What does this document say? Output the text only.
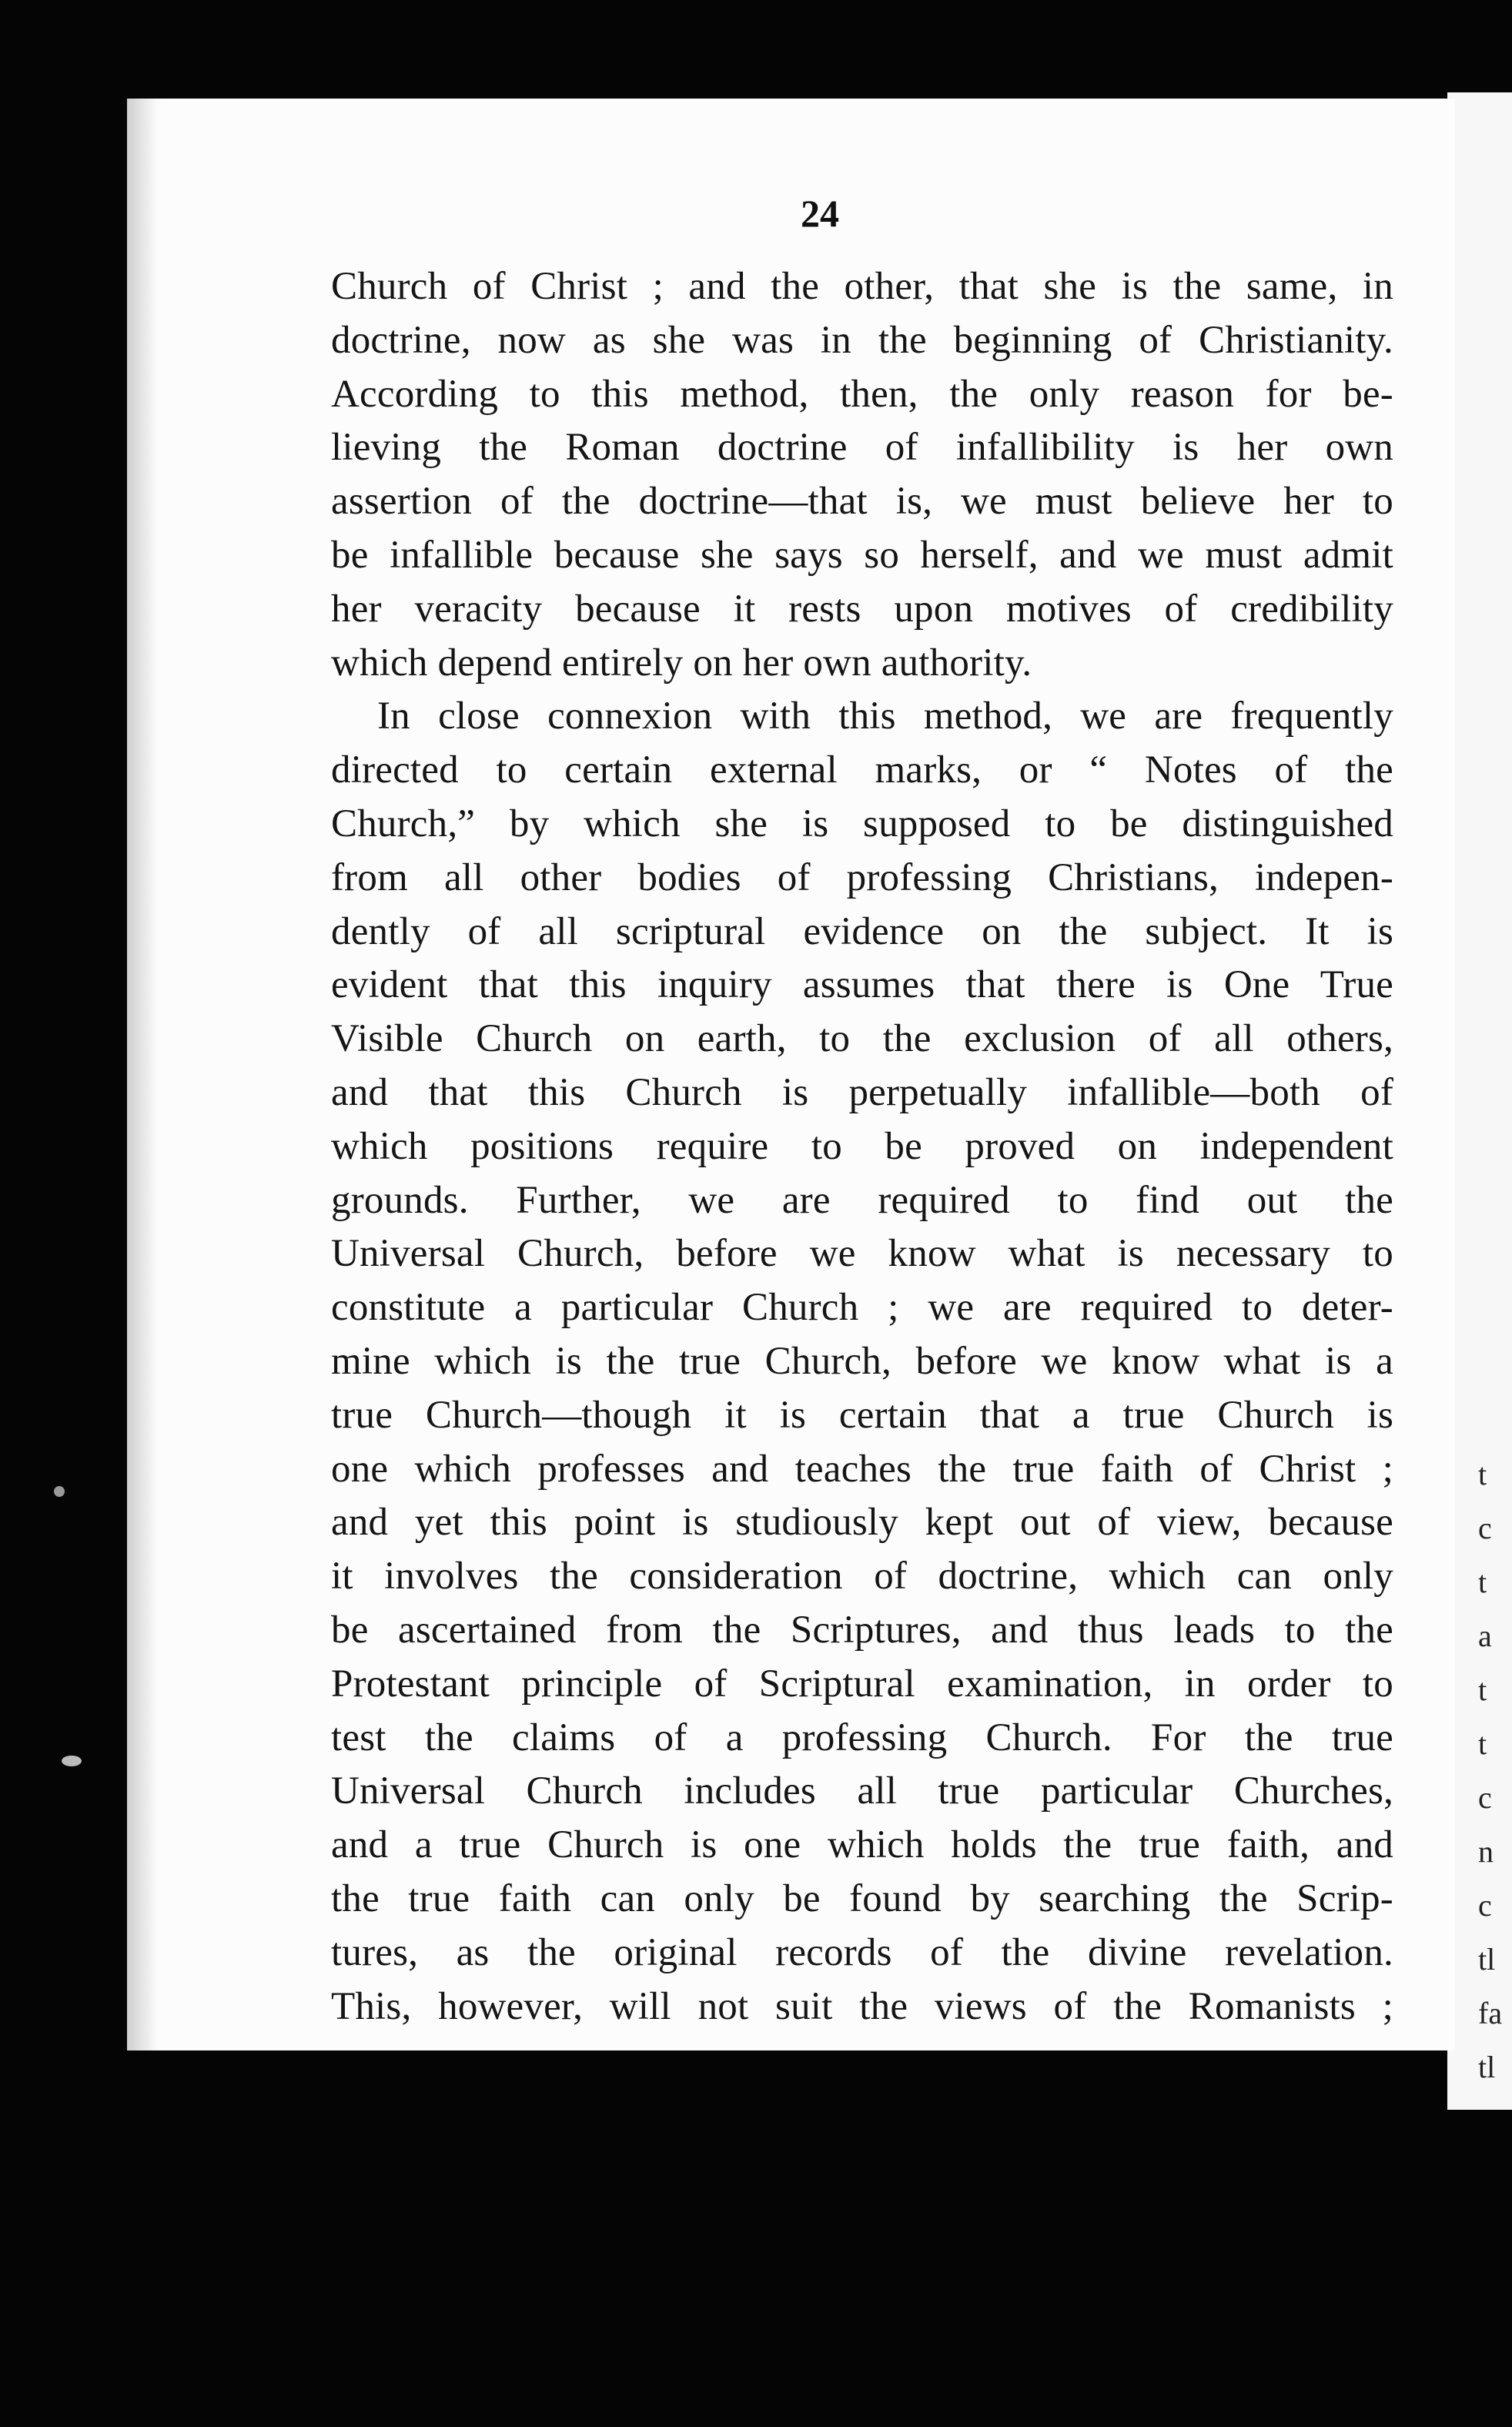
t
c
t
a
t
t
c
n
c
tl
fa
tl
24
Church of Christ ; and the other, that she is the same, in
doctrine, now as she was in the beginning of Christianity.
According to this method, then, the only reason for be-
lieving the Roman doctrine of infallibility is her own
assertion of the doctrine—that is, we must believe her to
be infallible because she says so herself, and we must admit
her veracity because it rests upon motives of credibility
which depend entirely on her own authority.
In close connexion with this method, we are frequently
directed to certain external marks, or “ Notes of the
Church,” by which she is supposed to be distinguished
from all other bodies of professing Christians, indepen-
dently of all scriptural evidence on the subject. It is
evident that this inquiry assumes that there is One True
Visible Church on earth, to the exclusion of all others,
and that this Church is perpetually infallible—both of
which positions require to be proved on independent
grounds. Further, we are required to find out the
Universal Church, before we know what is necessary to
constitute a particular Church ; we are required to deter-
mine which is the true Church, before we know what is a
true Church—though it is certain that a true Church is
one which professes and teaches the true faith of Christ ;
and yet this point is studiously kept out of view, because
it involves the consideration of doctrine, which can only
be ascertained from the Scriptures, and thus leads to the
Protestant principle of Scriptural examination, in order to
test the claims of a professing Church. For the true
Universal Church includes all true particular Churches,
and a true Church is one which holds the true faith, and
the true faith can only be found by searching the Scrip-
tures, as the original records of the divine revelation.
This, however, will not suit the views of the Romanists ;
